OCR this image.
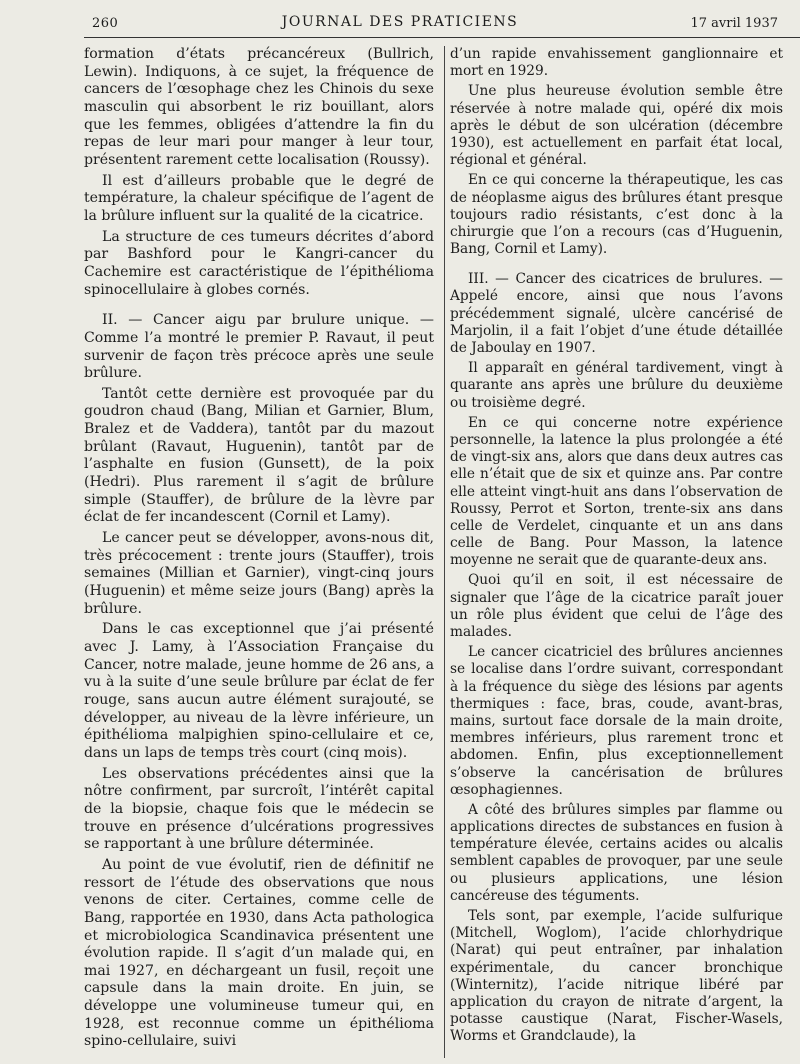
260	JOURNAL DES PRATICIENS	17 avril 1937

formation d’états précancéreux (Bullrich, Lewin). Indiquons, à ce sujet, la fréquence de cancers de l’œsophage chez les Chinois du sexe masculin qui absorbent le riz bouillant, alors que les femmes, obligées d’attendre la fin du repas de leur mari pour manger à leur tour, présentent rarement cette localisation (Roussy).

Il est d’ailleurs probable que le degré de température, la chaleur spécifique de l’agent de la brûlure influent sur la qualité de la cicatrice.

La structure de ces tumeurs décrites d’abord par Bashford pour le Kangri-cancer du Cachemire est caractéristique de l’épithélioma spinocellulaire à globes cornés.

II. — Cancer aigu par brulure unique. — Comme l’a montré le premier P. Ravaut, il peut survenir de façon très précoce après une seule brûlure.

Tantôt cette dernière est provoquée par du goudron chaud (Bang, Milian et Garnier, Blum, Bralez et de Vaddera), tantôt par du mazout brûlant (Ravaut, Huguenin), tantôt par de l’asphalte en fusion (Gunsett), de la poix (Hedri). Plus rarement il s’agit de brûlure simple (Stauffer), de brûlure de la lèvre par éclat de fer incandescent (Cornil et Lamy).

Le cancer peut se développer, avons-nous dit, très précocement : trente jours (Stauffer), trois semaines (Millian et Garnier), vingt-cinq jours (Huguenin) et même seize jours (Bang) après la brûlure.

Dans le cas exceptionnel que j’ai présenté avec J. Lamy, à l’Association Française du Cancer, notre malade, jeune homme de 26 ans, a vu à la suite d’une seule brûlure par éclat de fer rouge, sans aucun autre élément surajouté, se développer, au niveau de la lèvre inférieure, un épithélioma malpighien spino-cellulaire et ce, dans un laps de temps très court (cinq mois).

Les observations précédentes ainsi que la nôtre confirment, par surcroît, l’intérêt capital de la biopsie, chaque fois que le médecin se trouve en présence d’ulcérations progressives se rapportant à une brûlure déterminée.

Au point de vue évolutif, rien de définitif ne ressort de l’étude des observations que nous venons de citer. Certaines, comme celle de Bang, rapportée en 1930, dans Acta pathologica et microbiologica Scandinavica présentent une évolution rapide. Il s’agit d’un malade qui, en mai 1927, en déchargeant un fusil, reçoit une capsule dans la main droite. En juin, se développe une volumineuse tumeur qui, en 1928, est reconnue comme un épithélioma spino-cellulaire, suivi

d’un rapide envahissement ganglionnaire et mort en 1929.

Une plus heureuse évolution semble être réservée à notre malade qui, opéré dix mois après le début de son ulcération (décembre 1930), est actuellement en parfait état local, régional et général.

En ce qui concerne la thérapeutique, les cas de néoplasme aigus des brûlures étant presque toujours radio résistants, c’est donc à la chirurgie que l’on a recours (cas d’Huguenin, Bang, Cornil et Lamy).

III. — Cancer des cicatrices de brulures. — Appelé encore, ainsi que nous l’avons précédemment signalé, ulcère cancérisé de Marjolin, il a fait l’objet d’une étude détaillée de Jaboulay en 1907.

Il apparaît en général tardivement, vingt à quarante ans après une brûlure du deuxième ou troisième degré.

En ce qui concerne notre expérience personnelle, la latence la plus prolongée a été de vingt-six ans, alors que dans deux autres cas elle n’était que de six et quinze ans. Par contre elle atteint vingt-huit ans dans l’observation de Roussy, Perrot et Sorton, trente-six ans dans celle de Verdelet, cinquante et un ans dans celle de Bang. Pour Masson, la latence moyenne ne serait que de quarante-deux ans.

Quoi qu’il en soit, il est nécessaire de signaler que l’âge de la cicatrice paraît jouer un rôle plus évident que celui de l’âge des malades.

Le cancer cicatriciel des brûlures anciennes se localise dans l’ordre suivant, correspondant à la fréquence du siège des lésions par agents thermiques : face, bras, coude, avant-bras, mains, surtout face dorsale de la main droite, membres inférieurs, plus rarement tronc et abdomen. Enfin, plus exceptionnellement s’observe la cancérisation de brûlures œsophagiennes.

A côté des brûlures simples par flamme ou applications directes de substances en fusion à température élevée, certains acides ou alcalis semblent capables de provoquer, par une seule ou plusieurs applications, une lésion cancéreuse des téguments.

Tels sont, par exemple, l’acide sulfurique (Mitchell, Woglom), l’acide chlorhydrique (Narat) qui peut entraîner, par inhalation expérimentale, du cancer bronchique (Winternitz), l’acide nitrique libéré par application du crayon de nitrate d’argent, la potasse caustique (Narat, Fischer-Wasels, Worms et Grandclaude), la
